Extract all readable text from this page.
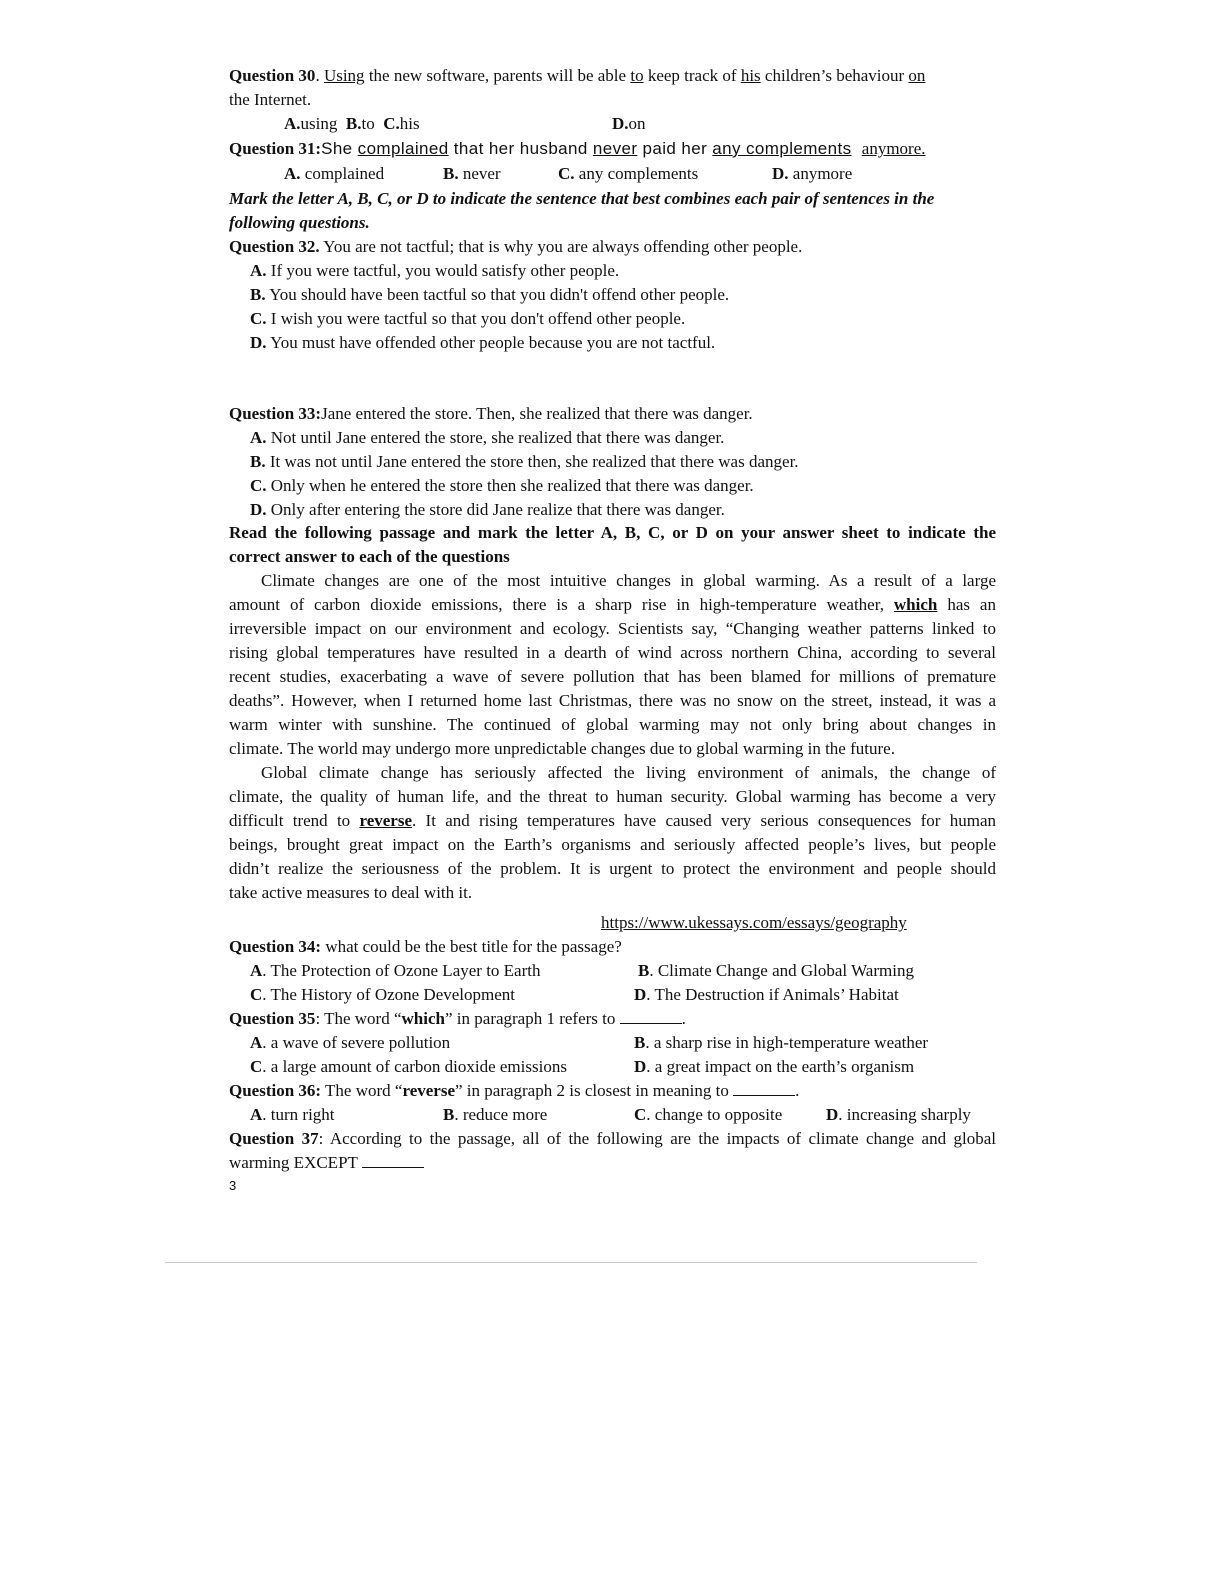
Question 30. Using the new software, parents will be able to keep track of his children’s behaviour on
the Internet.
A.using B.to C.his	D.on
Question 31:She complained that her husband never paid her any complements anymore.
A. complained	B. never	C. any complements	D. anymore
Mark the letter A, B, C, or D to indicate the sentence that best combines each pair of sentences in the
following questions.
Question 32. You are not tactful; that is why you are always offending other people.
A. If you were tactful, you would satisfy other people.
B. You should have been tactful so that you didn't offend other people.
C. I wish you were tactful so that you don't offend other people.
D. You must have offended other people because you are not tactful.
Question 33:Jane entered the store. Then, she realized that there was danger.
A. Not until Jane entered the store, she realized that there was danger.
B. It was not until Jane entered the store then, she realized that there was danger.
C. Only when he entered the store then she realized that there was danger.
D. Only after entering the store did Jane realize that there was danger.
Read the following passage and mark the letter A, B, C, or D on your answer sheet to indicate the
correct answer to each of the questions
Climate changes are one of the most intuitive changes in global warming. As a result of a large
amount of carbon dioxide emissions, there is a sharp rise in high-temperature weather, which has an
irreversible impact on our environment and ecology. Scientists say, “Changing weather patterns linked to
rising global temperatures have resulted in a dearth of wind across northern China, according to several
recent studies, exacerbating a wave of severe pollution that has been blamed for millions of premature
deaths”. However, when I returned home last Christmas, there was no snow on the street, instead, it was a
warm winter with sunshine. The continued of global warming may not only bring about changes in
climate. The world may undergo more unpredictable changes due to global warming in the future.
Global climate change has seriously affected the living environment of animals, the change of
climate, the quality of human life, and the threat to human security. Global warming has become a very
difficult trend to reverse. It and rising temperatures have caused very serious consequences for human
beings, brought great impact on the Earth’s organisms and seriously affected people’s lives, but people
didn’t realize the seriousness of the problem. It is urgent to protect the environment and people should
take active measures to deal with it.
https://www.ukessays.com/essays/geography
Question 34: what could be the best title for the passage?
A. The Protection of Ozone Layer to Earth	B. Climate Change and Global Warming
C. The History of Ozone Development	D. The Destruction if Animals’ Habitat
Question 35: The word “which” in paragraph 1 refers to	.
A. a wave of severe pollution	B. a sharp rise in high-temperature weather
C. a large amount of carbon dioxide emissions	D. a great impact on the earth’s organism
Question 36: The word “reverse” in paragraph 2 is closest in meaning to	.
A. turn right	B. reduce more	C. change to opposite	D. increasing sharply
Question 37: According to the passage, all of the following are the impacts of climate change and global
warming EXCEPT
3
